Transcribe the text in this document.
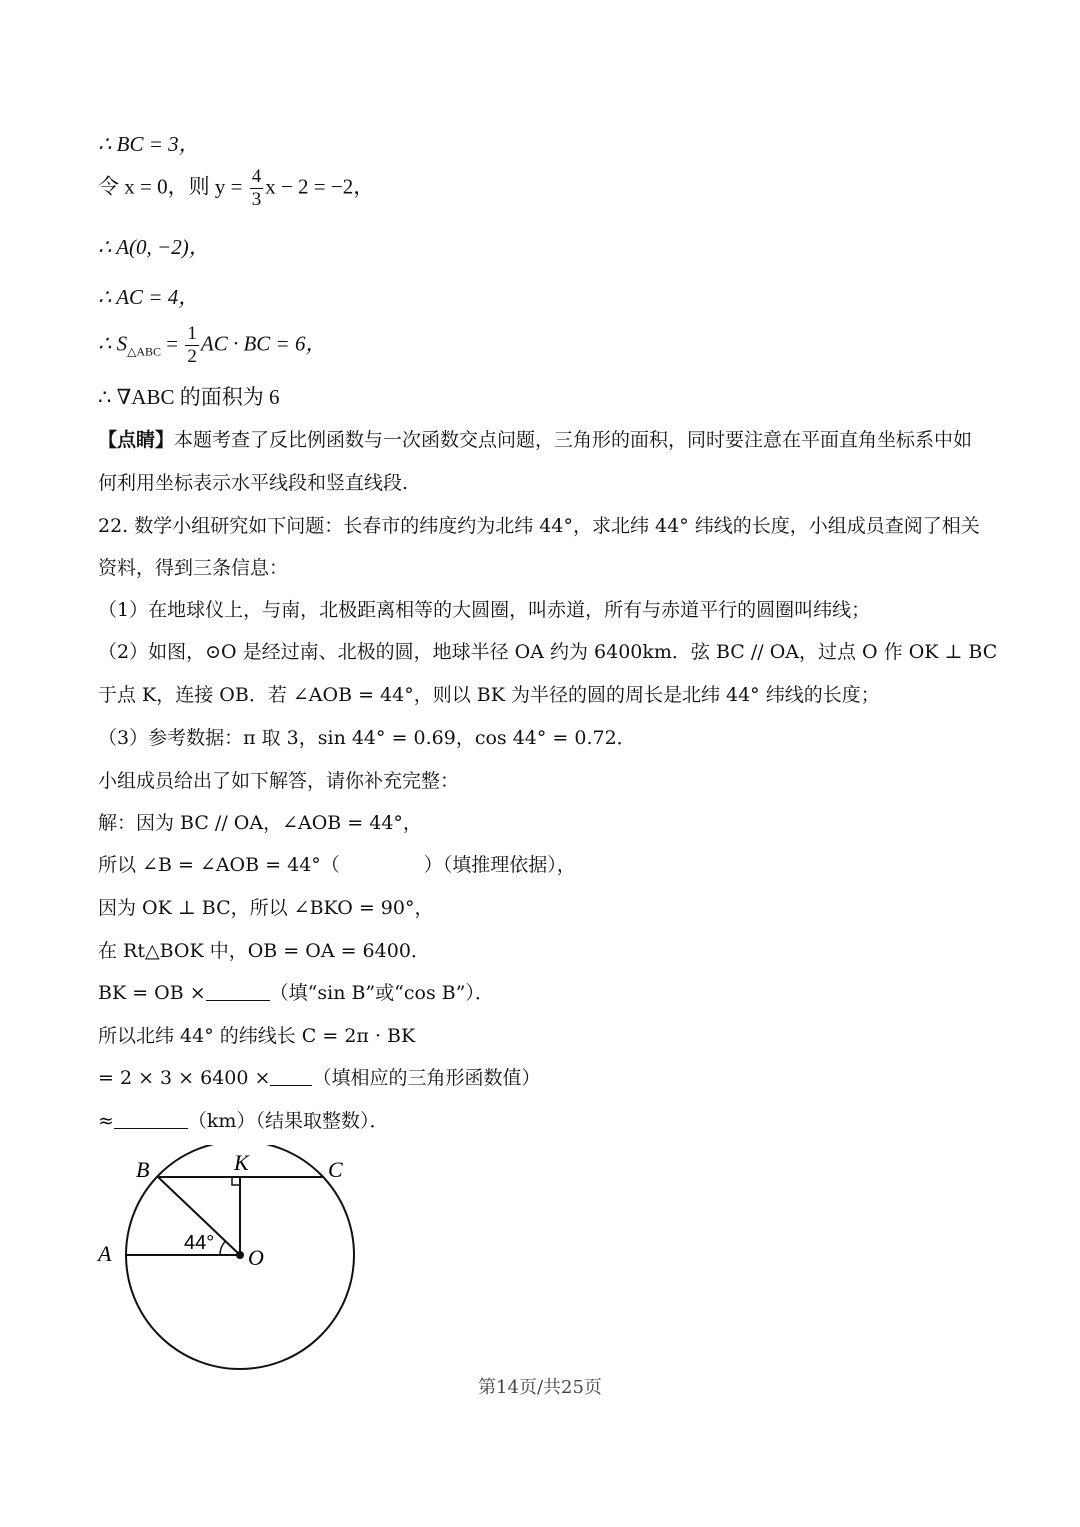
∴ BC = 3，
令 x = 0，则 $y = \frac{4}{3}$ x − 2 = −2，
∴ A(0, −2)，
∴ AC = 4，
∴ $S_{\triangle ABC} = \frac{1}{2}$ AC · BC = 6，
∴ ∇ABC 的面积为 6
【点睛】本题考查了反比例函数与一次函数交点问题，三角形的面积，同时要注意在平面直角坐标系中如
何利用坐标表示水平线段和竖直线段.
22. 数学小组研究如下问题：长春市的纬度约为北纬 44°，求北纬 44° 纬线的长度，小组成员查阅了相关
资料，得到三条信息：
（1）在地球仪上，与南，北极距离相等的大圆圈，叫赤道，所有与赤道平行的圆圈叫纬线；
（2）如图，⊙O 是经过南、北极的圆，地球半径 OA 约为 6400km．弦 BC // OA，过点 O 作 OK ⊥ BC
于点 K，连接 OB．若 ∠AOB = 44°，则以 BK 为半径的圆的周长是北纬 44° 纬线的长度；
（3）参考数据：π 取 3，sin 44° = 0.69，cos 44° = 0.72．
小组成员给出了如下解答，请你补充完整：
解：因为 BC // OA，∠AOB = 44°，
所以 ∠B = ∠AOB = 44°（	）（填推理依据），
因为 OK ⊥ BC，所以 ∠BKO = 90°，
在 Rt△BOK 中，OB = OA = 6400．
BK = OB ×	（填“sin B”或“cos B”）．
所以北纬 44° 的纬线长 C = 2π · BK
= 2 × 3 × 6400 × （填相应的三角形函数值）
≈	（km）（结果取整数）．
B	K	C
A	O
44°
第14页/共25页
